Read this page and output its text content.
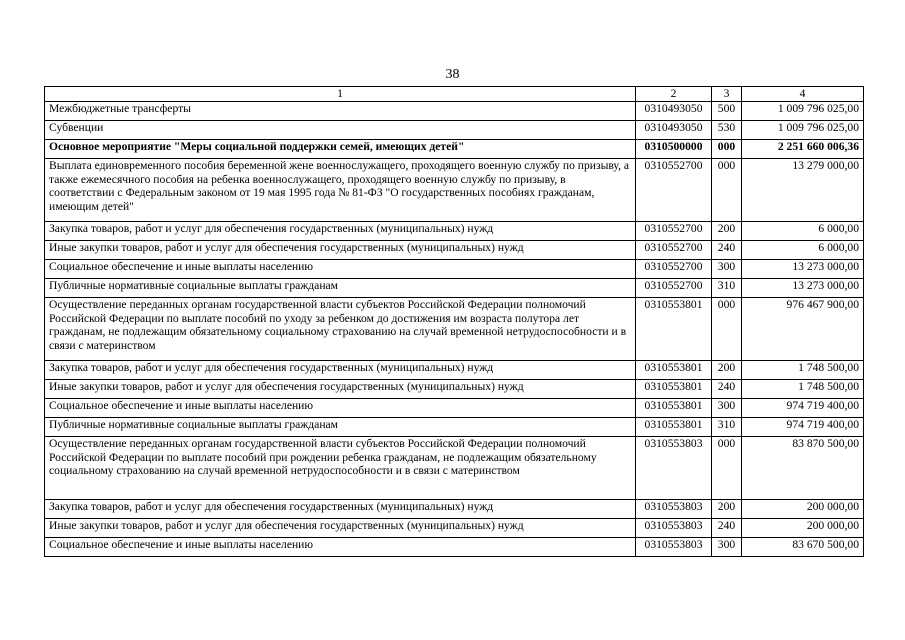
38
1	2	3	4
Межбюджетные трансферты	0310493050	500	1 009 796 025,00
Субвенции	0310493050	530	1 009 796 025,00
Основное мероприятие "Меры социальной поддержки семей, имеющих детей"	0310500000	000	2 251 660 006,36
Выплата единовременного пособия беременной жене военнослужащего, проходящего военную службу по призыву, а также ежемесячного пособия на ребенка военнослужащего, проходящего военную службу по призыву, в соответствии с Федеральным законом от 19 мая 1995 года № 81-ФЗ "О государственных пособиях гражданам, имеющим детей"	0310552700	000	13 279 000,00
Закупка товаров, работ и услуг для обеспечения государственных (муниципальных) нужд	0310552700	200	6 000,00
Иные закупки товаров, работ и услуг для обеспечения государственных (муниципальных) нужд	0310552700	240	6 000,00
Социальное обеспечение и иные выплаты населению	0310552700	300	13 273 000,00
Публичные нормативные социальные выплаты гражданам	0310552700	310	13 273 000,00
Осуществление переданных органам государственной власти субъектов Российской Федерации полномочий Российской Федерации по выплате пособий по уходу за ребенком до достижения им возраста полутора лет гражданам, не подлежащим обязательному социальному страхованию на случай временной нетрудоспособности и в связи с материнством	0310553801	000	976 467 900,00
Закупка товаров, работ и услуг для обеспечения государственных (муниципальных) нужд	0310553801	200	1 748 500,00
Иные закупки товаров, работ и услуг для обеспечения государственных (муниципальных) нужд	0310553801	240	1 748 500,00
Социальное обеспечение и иные выплаты населению	0310553801	300	974 719 400,00
Публичные нормативные социальные выплаты гражданам	0310553801	310	974 719 400,00
Осуществление переданных органам государственной власти субъектов Российской Федерации полномочий Российской Федерации по выплате пособий при рождении ребенка гражданам, не подлежащим обязательному социальному страхованию на случай временной нетрудоспособности и в связи с материнством	0310553803	000	83 870 500,00
Закупка товаров, работ и услуг для обеспечения государственных (муниципальных) нужд	0310553803	200	200 000,00
Иные закупки товаров, работ и услуг для обеспечения государственных (муниципальных) нужд	0310553803	240	200 000,00
Социальное обеспечение и иные выплаты населению	0310553803	300	83 670 500,00
